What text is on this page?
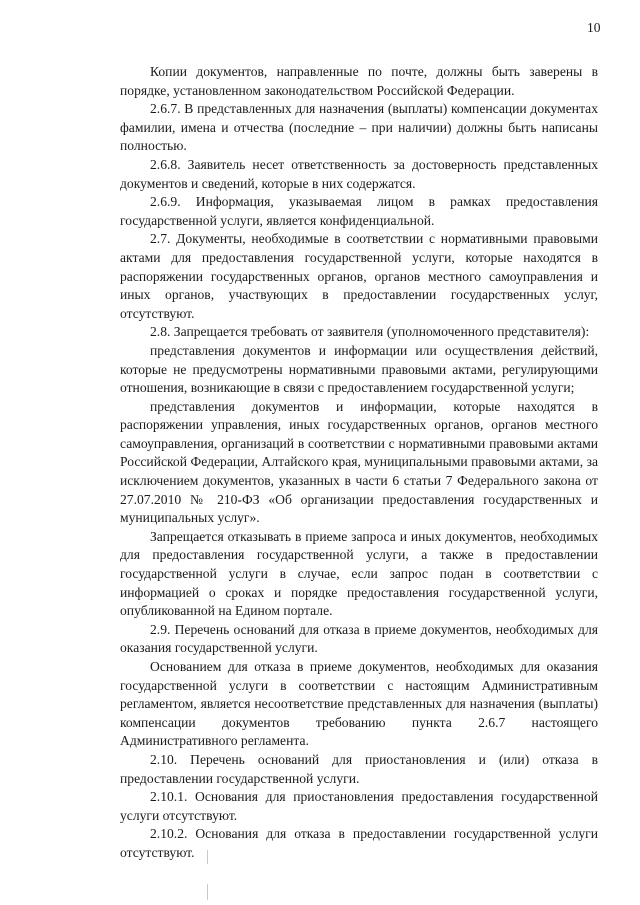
10

Копии документов, направленные по почте, должны быть заверены в порядке, установленном законодательством Российской Федерации.

2.6.7. В представленных для назначения (выплаты) компенсации документах фамилии, имена и отчества (последние – при наличии) должны быть написаны полностью.

2.6.8. Заявитель несет ответственность за достоверность представленных документов и сведений, которые в них содержатся.

2.6.9. Информация, указываемая лицом в рамках предоставления государственной услуги, является конфиденциальной.

2.7. Документы, необходимые в соответствии с нормативными правовыми актами для предоставления государственной услуги, которые находятся в распоряжении государственных органов, органов местного самоуправления и иных органов, участвующих в предоставлении государственных услуг, отсутствуют.

2.8. Запрещается требовать от заявителя (уполномоченного представителя):

представления документов и информации или осуществления действий, которые не предусмотрены нормативными правовыми актами, регулирующими отношения, возникающие в связи с предоставлением государственной услуги;

представления документов и информации, которые находятся в распоряжении управления, иных государственных органов, органов местного самоуправления, организаций в соответствии с нормативными правовыми актами Российской Федерации, Алтайского края, муниципальными правовыми актами, за исключением документов, указанных в части 6 статьи 7 Федерального закона от 27.07.2010 № 210-ФЗ «Об организации предоставления государственных и муниципальных услуг».

Запрещается отказывать в приеме запроса и иных документов, необходимых для предоставления государственной услуги, а также в предоставлении государственной услуги в случае, если запрос подан в соответствии с информацией о сроках и порядке предоставления государственной услуги, опубликованной на Едином портале.

2.9. Перечень оснований для отказа в приеме документов, необходимых для оказания государственной услуги.

Основанием для отказа в приеме документов, необходимых для оказания государственной услуги в соответствии с настоящим Административным регламентом, является несоответствие представленных для назначения (выплаты) компенсации документов требованию пункта 2.6.7 настоящего Административного регламента.

2.10. Перечень оснований для приостановления и (или) отказа в предоставлении государственной услуги.

2.10.1. Основания для приостановления предоставления государственной услуги отсутствуют.

2.10.2. Основания для отказа в предоставлении государственной услуги отсутствуют.
